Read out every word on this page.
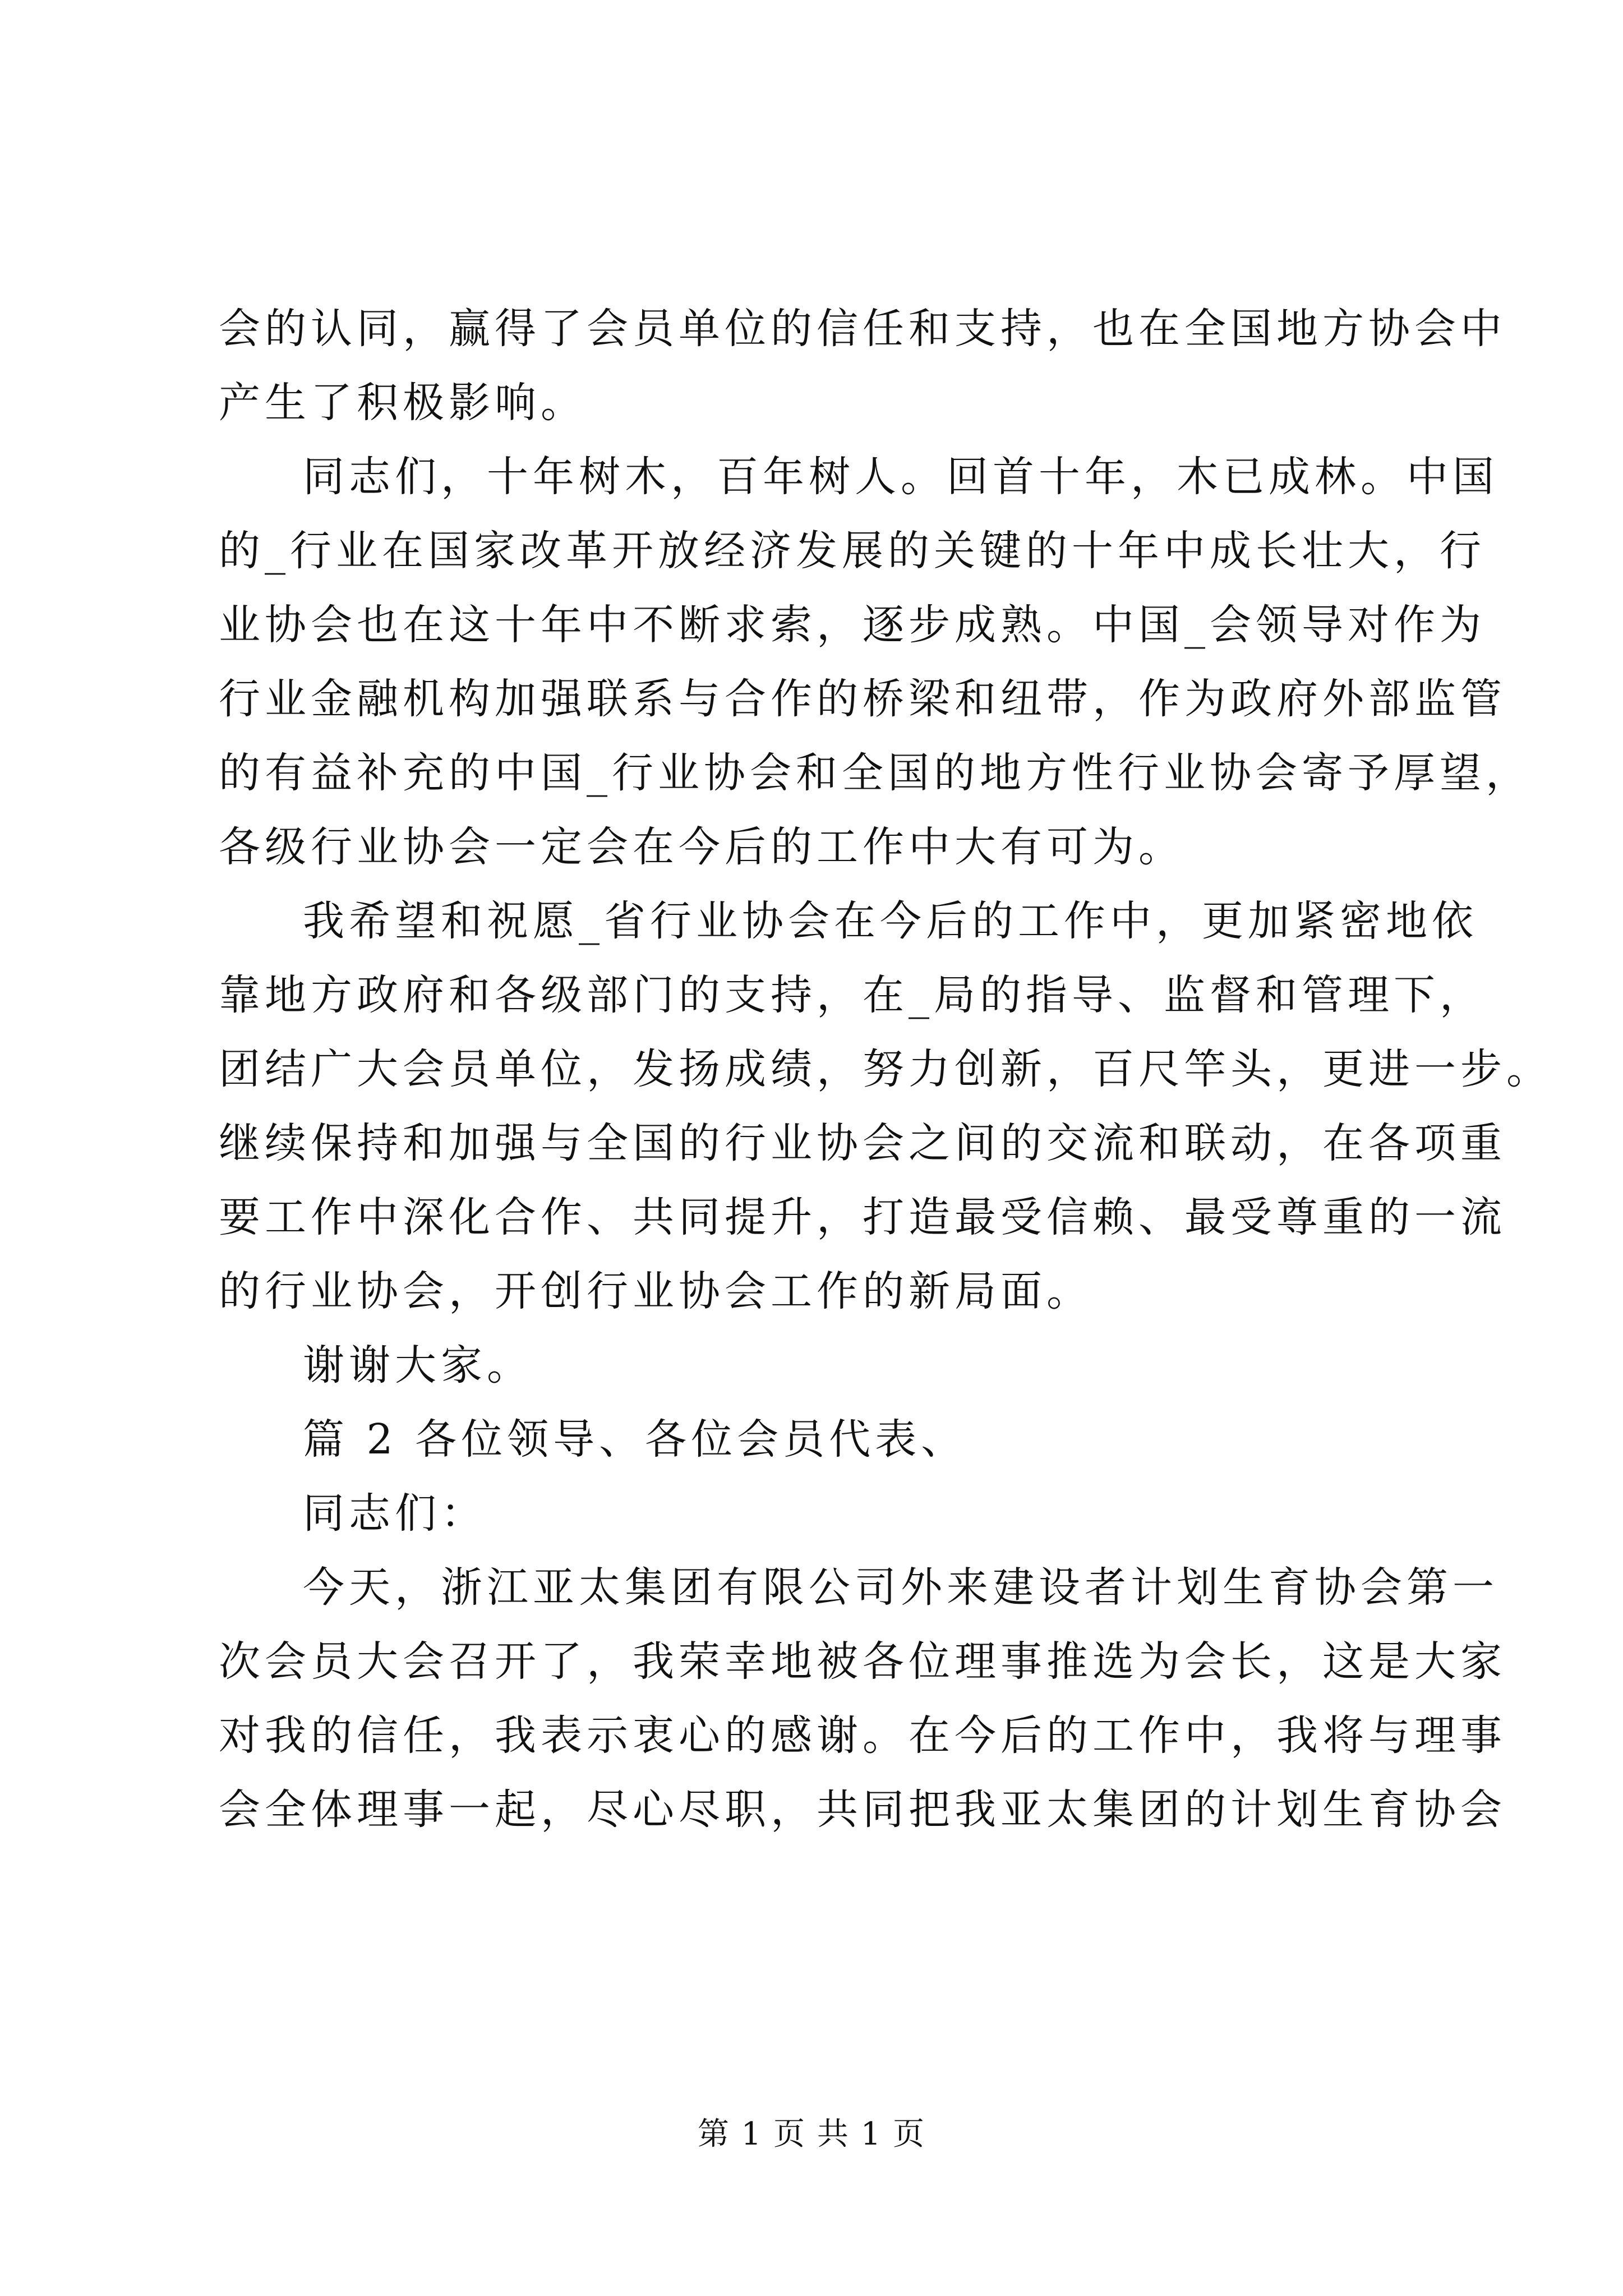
会的认同，赢得了会员单位的信任和支持，也在全国地方协会中
产生了积极影响。
同志们，十年树木，百年树人。回首十年，木已成林。中国
的_行业在国家改革开放经济发展的关键的十年中成长壮大，行
业协会也在这十年中不断求索，逐步成熟。中国_会领导对作为
行业金融机构加强联系与合作的桥梁和纽带，作为政府外部监管
的有益补充的中国_行业协会和全国的地方性行业协会寄予厚望，
各级行业协会一定会在今后的工作中大有可为。
我希望和祝愿_省行业协会在今后的工作中，更加紧密地依
靠地方政府和各级部门的支持，在_局的指导、监督和管理下，
团结广大会员单位，发扬成绩，努力创新，百尺竿头，更进一步。
继续保持和加强与全国的行业协会之间的交流和联动，在各项重
要工作中深化合作、共同提升，打造最受信赖、最受尊重的一流
的行业协会，开创行业协会工作的新局面。
谢谢大家。
篇 2 各位领导、各位会员代表、
同志们：
今天，浙江亚太集团有限公司外来建设者计划生育协会第一
次会员大会召开了，我荣幸地被各位理事推选为会长，这是大家
对我的信任，我表示衷心的感谢。在今后的工作中，我将与理事
会全体理事一起，尽心尽职，共同把我亚太集团的计划生育协会
第 1 页 共 1 页
